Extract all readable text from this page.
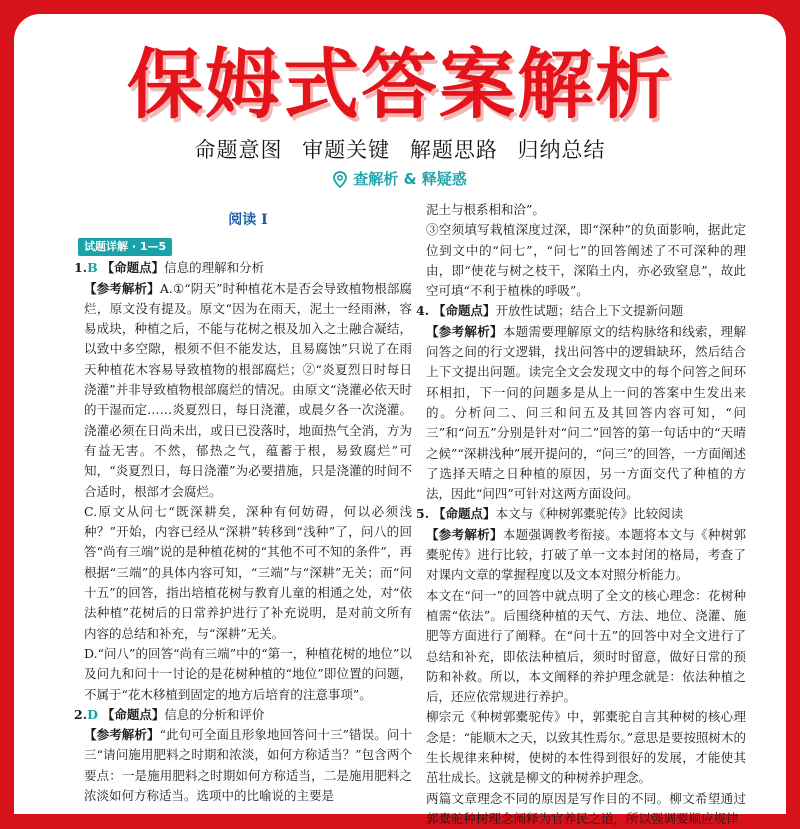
保姆式答案解析
命题意图 审题关键 解题思路 归纳总结
查解析 & 释疑惑
阅读 I
试题详解 · 1—5

1.B 【命题点】信息的理解和分析

【参考解析】A.①“阴天”时种植花木是否会导致植物根部腐烂，原文没有提及。原文“因为在雨天，泥土一经雨淋，容易成块，种植之后，不能与花树之根及加入之土融合凝结，以致中多空隙，根须不但不能发达，且易腐蚀”只说了在雨天种植花木容易导致植物的根部腐烂；②“炎夏烈日时每日浇灌”并非导致植物根部腐烂的情况。由原文“浇灌必依天时的干湿而定……炎夏烈日，每日浇灌，或晨夕各一次浇灌。浇灌必须在日尚未出，或日已没落时，地面热气全消，方为有益无害。不然，郁热之气，蕴蓄于根，易致腐烂”可知，“炎夏烈日，每日浇灌”为必要措施，只是浇灌的时间不合适时，根部才会腐烂。

C.原文从问七“既深耕矣，深种有何妨碍，何以必须浅种？”开始，内容已经从“深耕”转移到“浅种”了，问八的回答“尚有三端”说的是种植花树的“其他不可不知的条件”，再根据“三端”的具体内容可知，“三端”与“深耕”无关；而“问十五”的回答，指出培植花树与教育儿童的相通之处，对“依法种植”花树后的日常养护进行了补充说明，是对前文所有内容的总结和补充，与“深耕”无关。

D.“问八”的回答“尚有三端”中的“第一，种植花树的地位”以及问九和问十一讨论的是花树种植的“地位”即位置的问题，不属于“花木移植到固定的地方后培育的注意事项”。

2.D 【命题点】信息的分析和评价

【参考解析】“此句可全面且形象地回答问十三”错误。问十三“请问施用肥料之时期和浓淡，如何方称适当？”包含两个要点：一是施用肥料之时期如何方称适当，二是施用肥料之浓淡如何方称适当。选项中的比喻说的主要是

泥土与根系相和洽”。

③空须填写栽植深度过深，即“深种”的负面影响，据此定位到文中的“问七”，“问七”的回答阐述了不可深种的理由，即“使花与树之枝干，深陷土内，亦必致窒息”，故此空可填“不利于植株的呼吸”。

4. 【命题点】开放性试题；结合上下文提新问题

【参考解析】本题需要理解原文的结构脉络和线索，理解问答之间的行文逻辑，找出问答中的逻辑缺环，然后结合上下文提出问题。读完全文会发现文中的每个问答之间环环相扣，下一问的问题多是从上一问的答案中生发出来的。分析问二、问三和问五及其回答内容可知，“问三”和“问五”分别是针对“问二”回答的第一句话中的“天晴之候”“深耕浅种”展开提问的，“问三”的回答，一方面阐述了选择天晴之日种植的原因，另一方面交代了种植的方法，因此“问四”可针对这两方面设问。

5. 【命题点】本文与《种树郭橐驼传》比较阅读

【参考解析】本题强调教考衔接。本题将本文与《种树郭橐驼传》进行比较，打破了单一文本封闭的格局，考查了对课内文章的掌握程度以及文本对照分析能力。

本文在“问一”的回答中就点明了全文的核心理念：花树种植需“依法”。后围绕种植的天气、方法、地位、浇灌、施肥等方面进行了阐释。在“问十五”的回答中对全文进行了总结和补充，即依法种植后，须时时留意，做好日常的预防和补救。所以，本文阐释的养护理念就是：依法种植之后，还应依常规进行养护。

柳宗元《种树郭橐驼传》中，郭橐驼自言其种树的核心理念是：“能顺木之天，以致其性焉尔。”意思是要按照树木的生长规律来种树，使树的本性得到很好的发展，才能使其茁壮成长。这就是柳文的种树养护理念。

两篇文章理念不同的原因是写作目的不同。柳文希望通过郭橐驼种树理念阐释为官养民之道，所以强调要顺应规律
